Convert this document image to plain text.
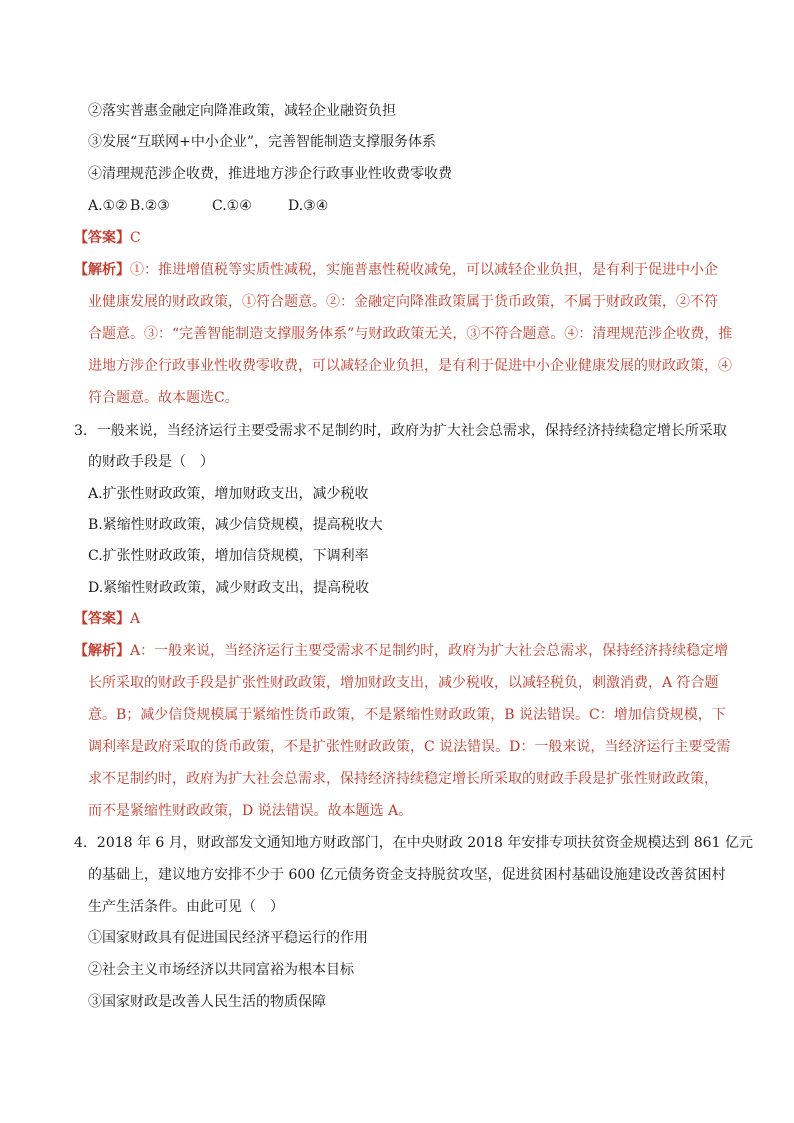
②落实普惠金融定向降准政策，减轻企业融资负担
③发展“互联网+中小企业”，完善智能制造支撑服务体系
④清理规范涉企收费，推进地方涉企行政事业性收费零收费
A.①② B.②③	C.①④	D.③④
【答案】C
【解析】①：推进增值税等实质性减税，实施普惠性税收减免，可以减轻企业负担，是有利于促进中小企
业健康发展的财政政策，①符合题意。②：金融定向降准政策属于货币政策，不属于财政政策，②不符
合题意。③：“完善智能制造支撑服务体系”与财政政策无关，③不符合题意。④：清理规范涉企收费，推
进地方涉企行政事业性收费零收费，可以减轻企业负担，是有利于促进中小企业健康发展的财政政策，④
符合题意。故本题选C。
3．一般来说，当经济运行主要受需求不足制约时，政府为扩大社会总需求，保持经济持续稳定增长所采取
的财政手段是（　）
A.扩张性财政政策，增加财政支出，减少税收
B.紧缩性财政政策，减少信贷规模，提高税收大
C.扩张性财政政策，增加信贷规模，下调利率
D.紧缩性财政政策，减少财政支出，提高税收
【答案】A
【解析】A：一般来说，当经济运行主要受需求不足制约时，政府为扩大社会总需求，保持经济持续稳定增
长所采取的财政手段是扩张性财政政策，增加财政支出，减少税收，以减轻税负，刺激消费，A 符合题
意。B；减少信贷规模属于紧缩性货币政策，不是紧缩性财政政策，B 说法错误。C：增加信贷规模，下
调利率是政府采取的货币政策，不是扩张性财政政策，C 说法错误。D：一般来说，当经济运行主要受需
求不足制约时，政府为扩大社会总需求，保持经济持续稳定增长所采取的财政手段是扩张性财政政策，
而不是紧缩性财政政策，D 说法错误。故本题选 A。
4．2018 年 6 月，财政部发文通知地方财政部门，在中央财政 2018 年安排专项扶贫资金规模达到 861 亿元
的基础上，建议地方安排不少于 600 亿元债务资金支持脱贫攻坚，促进贫困村基础设施建设改善贫困村
生产生活条件。由此可见（　）
①国家财政具有促进国民经济平稳运行的作用
②社会主义市场经济以共同富裕为根本目标
③国家财政是改善人民生活的物质保障
